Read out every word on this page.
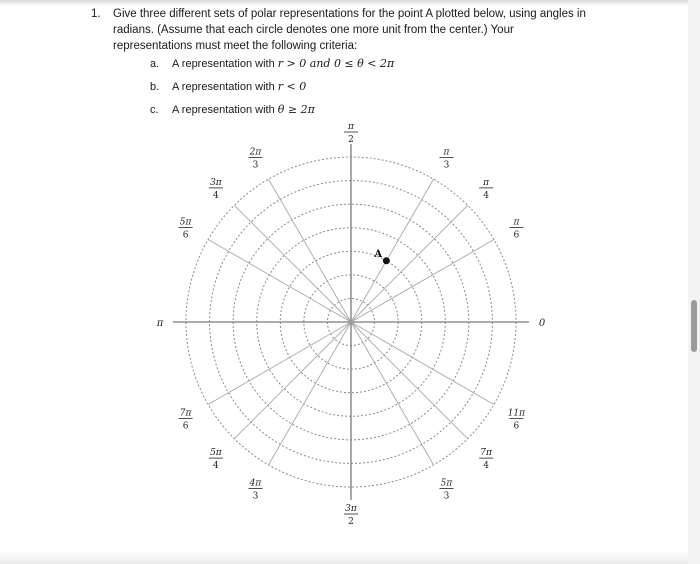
1. Give three different sets of polar representations for the point A plotted below, using angles in radians. (Assume that each circle denotes one more unit from the center.) Your representations must meet the following criteria:
a. A representation with r > 0 and 0 ≤ θ < 2π
b. A representation with r < 0
c. A representation with θ ≥ 2π
0
π
6
π
4
π
3
π
2
2π
3
3π
4
5π
6
π
7π
6
5π
4
4π
3
3π
2
5π
3
7π
4
11π
6
A
